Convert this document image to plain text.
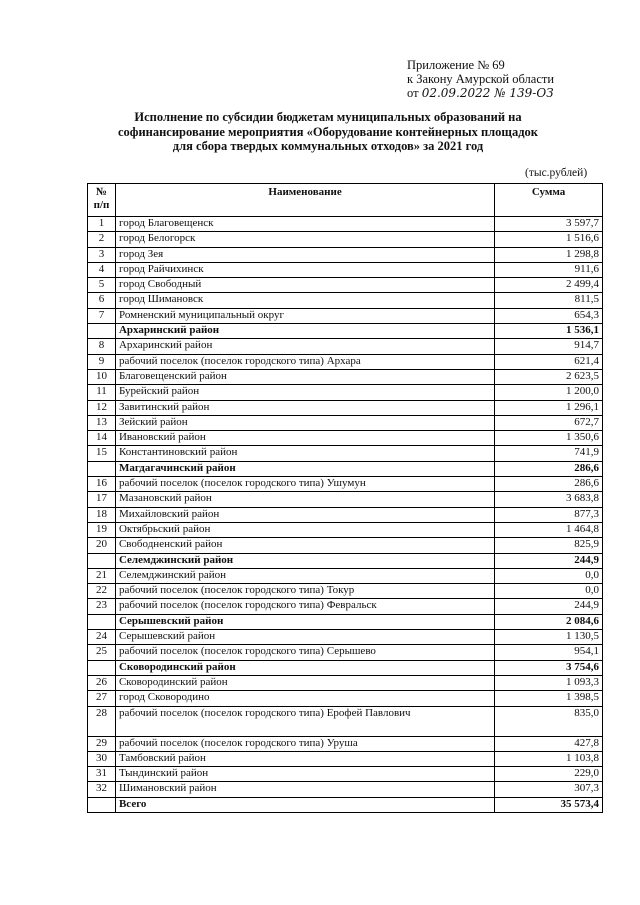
Приложение № 69
к Закону Амурской области
от 02.09.2022 № 139-ОЗ
Исполнение по субсидии бюджетам муниципальных образований на
софинансирование мероприятия «Оборудование контейнерных площадок
для сбора твердых коммунальных отходов» за 2021 год
(тыс.рублей)
№ п/п	Наименование	Сумма
1	город Благовещенск	3 597,7
2	город Белогорск	1 516,6
3	город Зея	1 298,8
4	город Райчихинск	911,6
5	город Свободный	2 499,4
6	город Шимановск	811,5
7	Ромненский муниципальный округ	654,3
	Архаринский район	1 536,1
8	Архаринский район	914,7
9	рабочий поселок (поселок городского типа) Архара	621,4
10	Благовещенский район	2 623,5
11	Бурейский район	1 200,0
12	Завитинский район	1 296,1
13	Зейский район	672,7
14	Ивановский район	1 350,6
15	Константиновский район	741,9
	Магдагачинский район	286,6
16	рабочий поселок (поселок городского типа) Ушумун	286,6
17	Мазановский район	3 683,8
18	Михайловский район	877,3
19	Октябрьский район	1 464,8
20	Свободненский район	825,9
	Селемджинский район	244,9
21	Селемджинский район	0,0
22	рабочий поселок (поселок городского типа) Токур	0,0
23	рабочий поселок (поселок городского типа) Февральск	244,9
	Серышевский район	2 084,6
24	Серышевский район	1 130,5
25	рабочий поселок (поселок городского типа) Серышево	954,1
	Сковородинский район	3 754,6
26	Сковородинский район	1 093,3
27	город Сковородино	1 398,5
28	рабочий поселок (поселок городского типа) Ерофей Павлович	835,0
29	рабочий поселок (поселок городского типа) Уруша	427,8
30	Тамбовский район	1 103,8
31	Тындинский район	229,0
32	Шимановский район	307,3
	Всего	35 573,4
